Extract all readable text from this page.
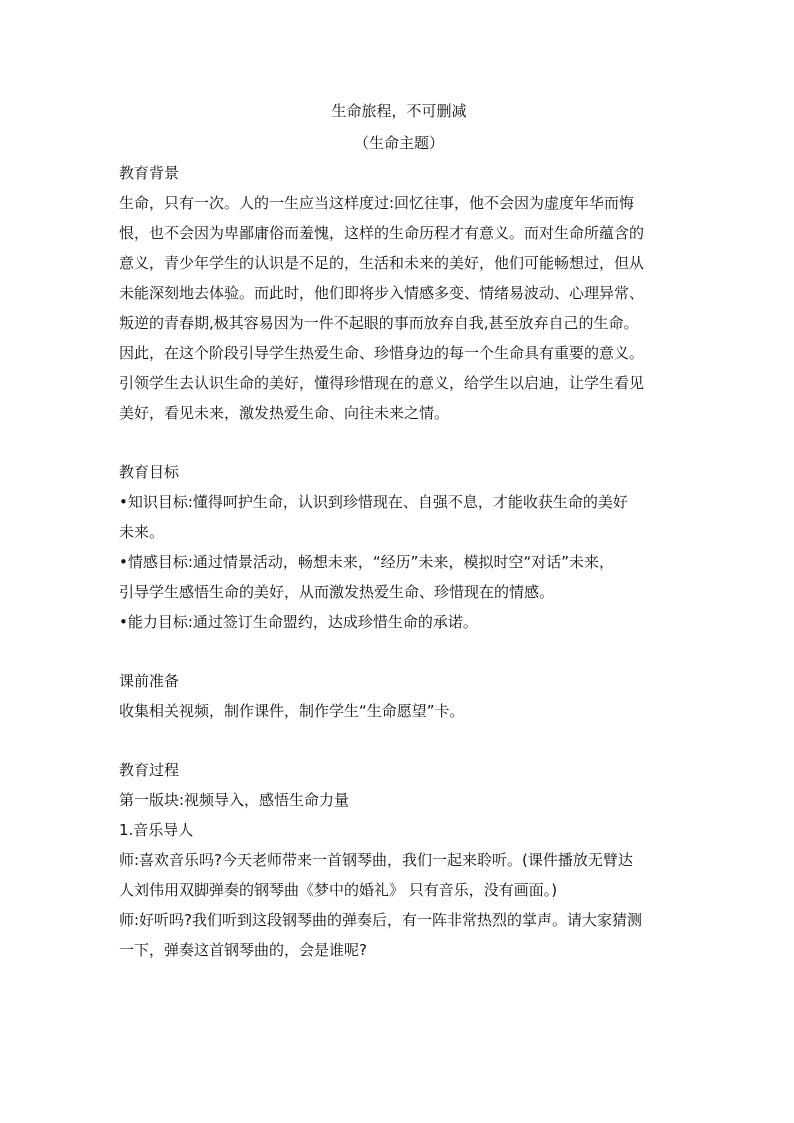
生命旅程，不可删减
（生命主题）
教育背景
生命，只有一次。人的一生应当这样度过:回忆往事，他不会因为虚度年华而悔
恨，也不会因为卑鄙庸俗而羞愧，这样的生命历程才有意义。而对生命所蕴含的
意义，青少年学生的认识是不足的，生活和未来的美好，他们可能畅想过，但从
未能深刻地去体验。而此时，他们即将步入情感多变、情绪易波动、心理异常、
叛逆的青春期,极其容易因为一件不起眼的事而放弃自我,甚至放弃自己的生命。
因此，在这个阶段引导学生热爱生命、珍惜身边的每一个生命具有重要的意义。
引领学生去认识生命的美好，懂得珍惜现在的意义，给学生以启迪，让学生看见
美好，看见未来，激发热爱生命、向往未来之情。
教育目标
•知识目标:懂得呵护生命，认识到珍惜现在、自强不息，才能收获生命的美好
未来。
•情感目标:通过情景活动，畅想未来，“经历”未来，模拟时空“对话”未来，
引导学生感悟生命的美好，从而激发热爱生命、珍惜现在的情感。
•能力目标:通过签订生命盟约，达成珍惜生命的承诺。
课前准备
收集相关视频，制作课件，制作学生“生命愿望”卡。
教育过程
第一版块:视频导入，感悟生命力量
1.音乐导人
师:喜欢音乐吗?今天老师带来一首钢琴曲，我们一起来聆听。(课件播放无臂达
人刘伟用双脚弹奏的钢琴曲《梦中的婚礼》 只有音乐，没有画面。)
师:好听吗?我们听到这段钢琴曲的弹奏后，有一阵非常热烈的掌声。请大家猜测
一下，弹奏这首钢琴曲的，会是谁呢?
